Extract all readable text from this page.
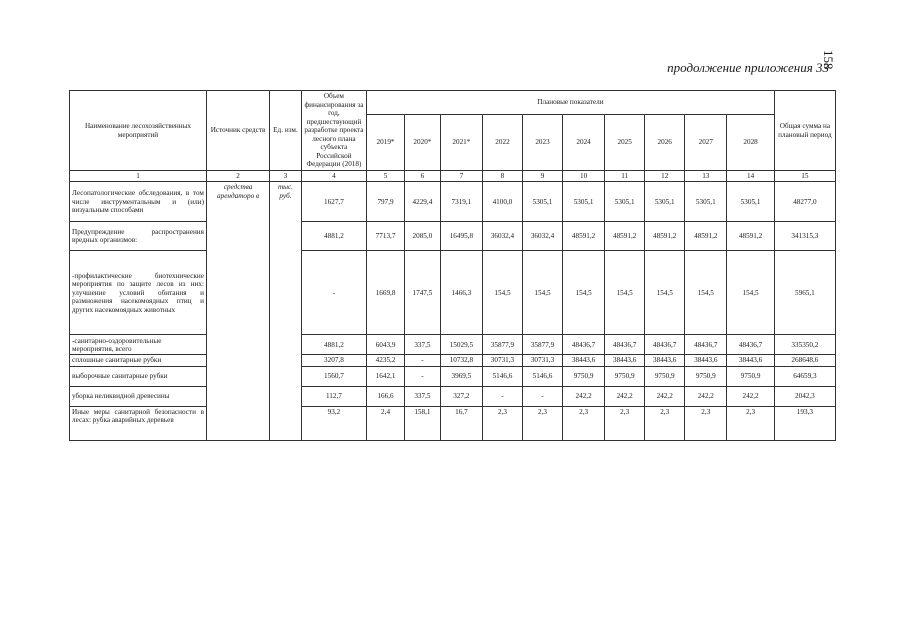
158
продолжение приложения 33
Наименование лесохозяйственных мероприятий	Источник средств	Ед. изм.	Объем финансирования за год, предшествующий разработке проекта лесного плана субъекта Российской Федерации (2018)	Плановые показатели										Общая сумма на плановый период
				2019*	2020*	2021*	2022	2023	2024	2025	2026	2027	2028	
1	2	3	4	5	6	7	8	9	10	11	12	13	14	15
Лесопатологические обследования, в том числе инструментальным и (или) визуальным способами	средства арендаторо в	тыс. руб.	1627,7	797,9	4229,4	7319,1	4100,0	5305,1	5305,1	5305,1	5305,1	5305,1	5305,1	48277,0
Предупреждение распространения вредных организмов:			4881,2	7713,7	2085,0	16495,8	36032,4	36032,4	48591,2	48591,2	48591,2	48591,2	48591,2	341315,3
-профилактические биотехнические мероприятия по защите лесов из них: улучшение условий обитания и размножения насекомоядных птиц и других насекомоядных животных			-	1669,8	1747,5	1466,3	154,5	154,5	154,5	154,5	154,5	154,5	154,5	5965,1
-санитарно-оздоровительные мероприятия, всего			4881,2	6043,9	337,5	15029,5	35877,9	35877,9	48436,7	48436,7	48436,7	48436,7	48436,7	335350,2
сплошные санитарные рубки			3207,8	4235,2	-	10732,8	30731,3	30731,3	38443,6	38443,6	38443,6	38443,6	38443,6	268648,6
выборочные санитарные рубки			1560,7	1642,1	-	3969,5	5146,6	5146,6	9750,9	9750,9	9750,9	9750,9	9750,9	64659,3
уборка неликвидной древесины			112,7	166,6	337,5	327,2	-	-	242,2	242,2	242,2	242,2	242,2	2042,3
Иные меры санитарной безопасности в лесах: рубка аварийных деревьев			93,2	2,4	158,1	16,7	2,3	2,3	2,3	2,3	2,3	2,3	2,3	193,3
